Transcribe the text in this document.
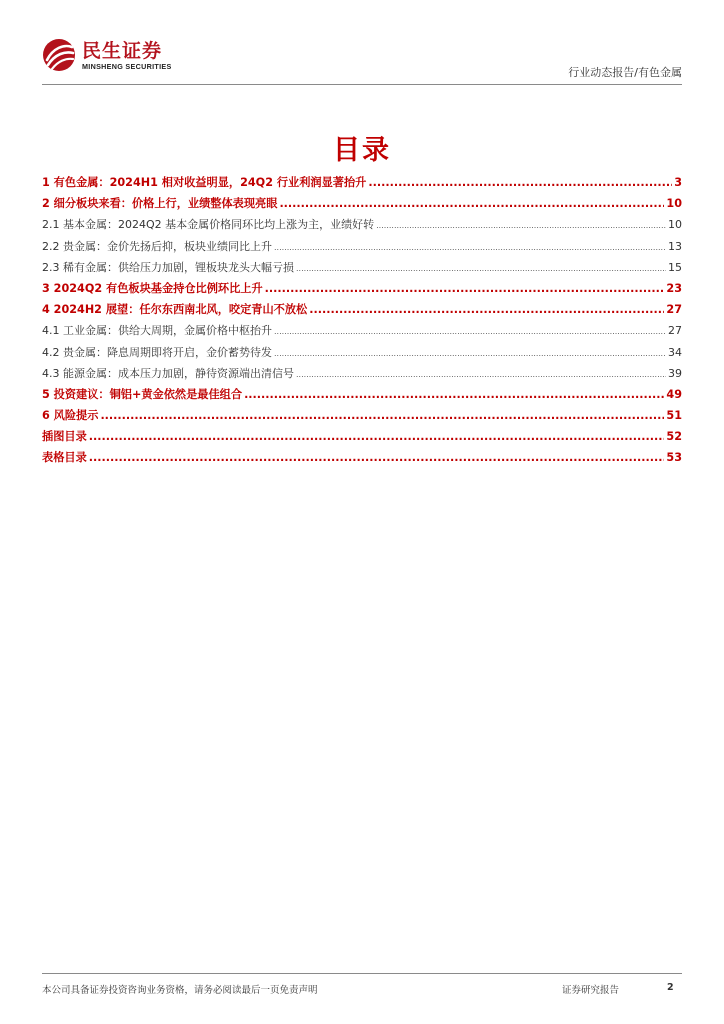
民生证券
MINSHENG SECURITIES	行业动态报告/有色金属
目录
1 有色金属：2024H1 相对收益明显，24Q2 行业利润显著抬升 .....	3
2 细分板块来看：价格上行，业绩整体表现亮眼 .....	10
2.1 基本金属：2024Q2 基本金属价格同环比均上涨为主，业绩好转 .....	10
2.2 贵金属：金价先扬后抑，板块业绩同比上升 .....	13
2.3 稀有金属：供给压力加剧，锂板块龙头大幅亏损 .....	15
3 2024Q2 有色板块基金持仓比例环比上升 .....	23
4 2024H2 展望：任尔东西南北风，咬定青山不放松 .....	27
4.1 工业金属：供给大周期，金属价格中枢抬升 .....	27
4.2 贵金属：降息周期即将开启，金价蓄势待发 .....	34
4.3 能源金属：成本压力加剧，静待资源端出清信号 .....	39
5 投资建议：铜铝+黄金依然是最佳组合 .....	49
6 风险提示 .....	51
插图目录 .....	52
表格目录 .....	53
本公司具备证券投资咨询业务资格，请务必阅读最后一页免责声明	证券研究报告	2
